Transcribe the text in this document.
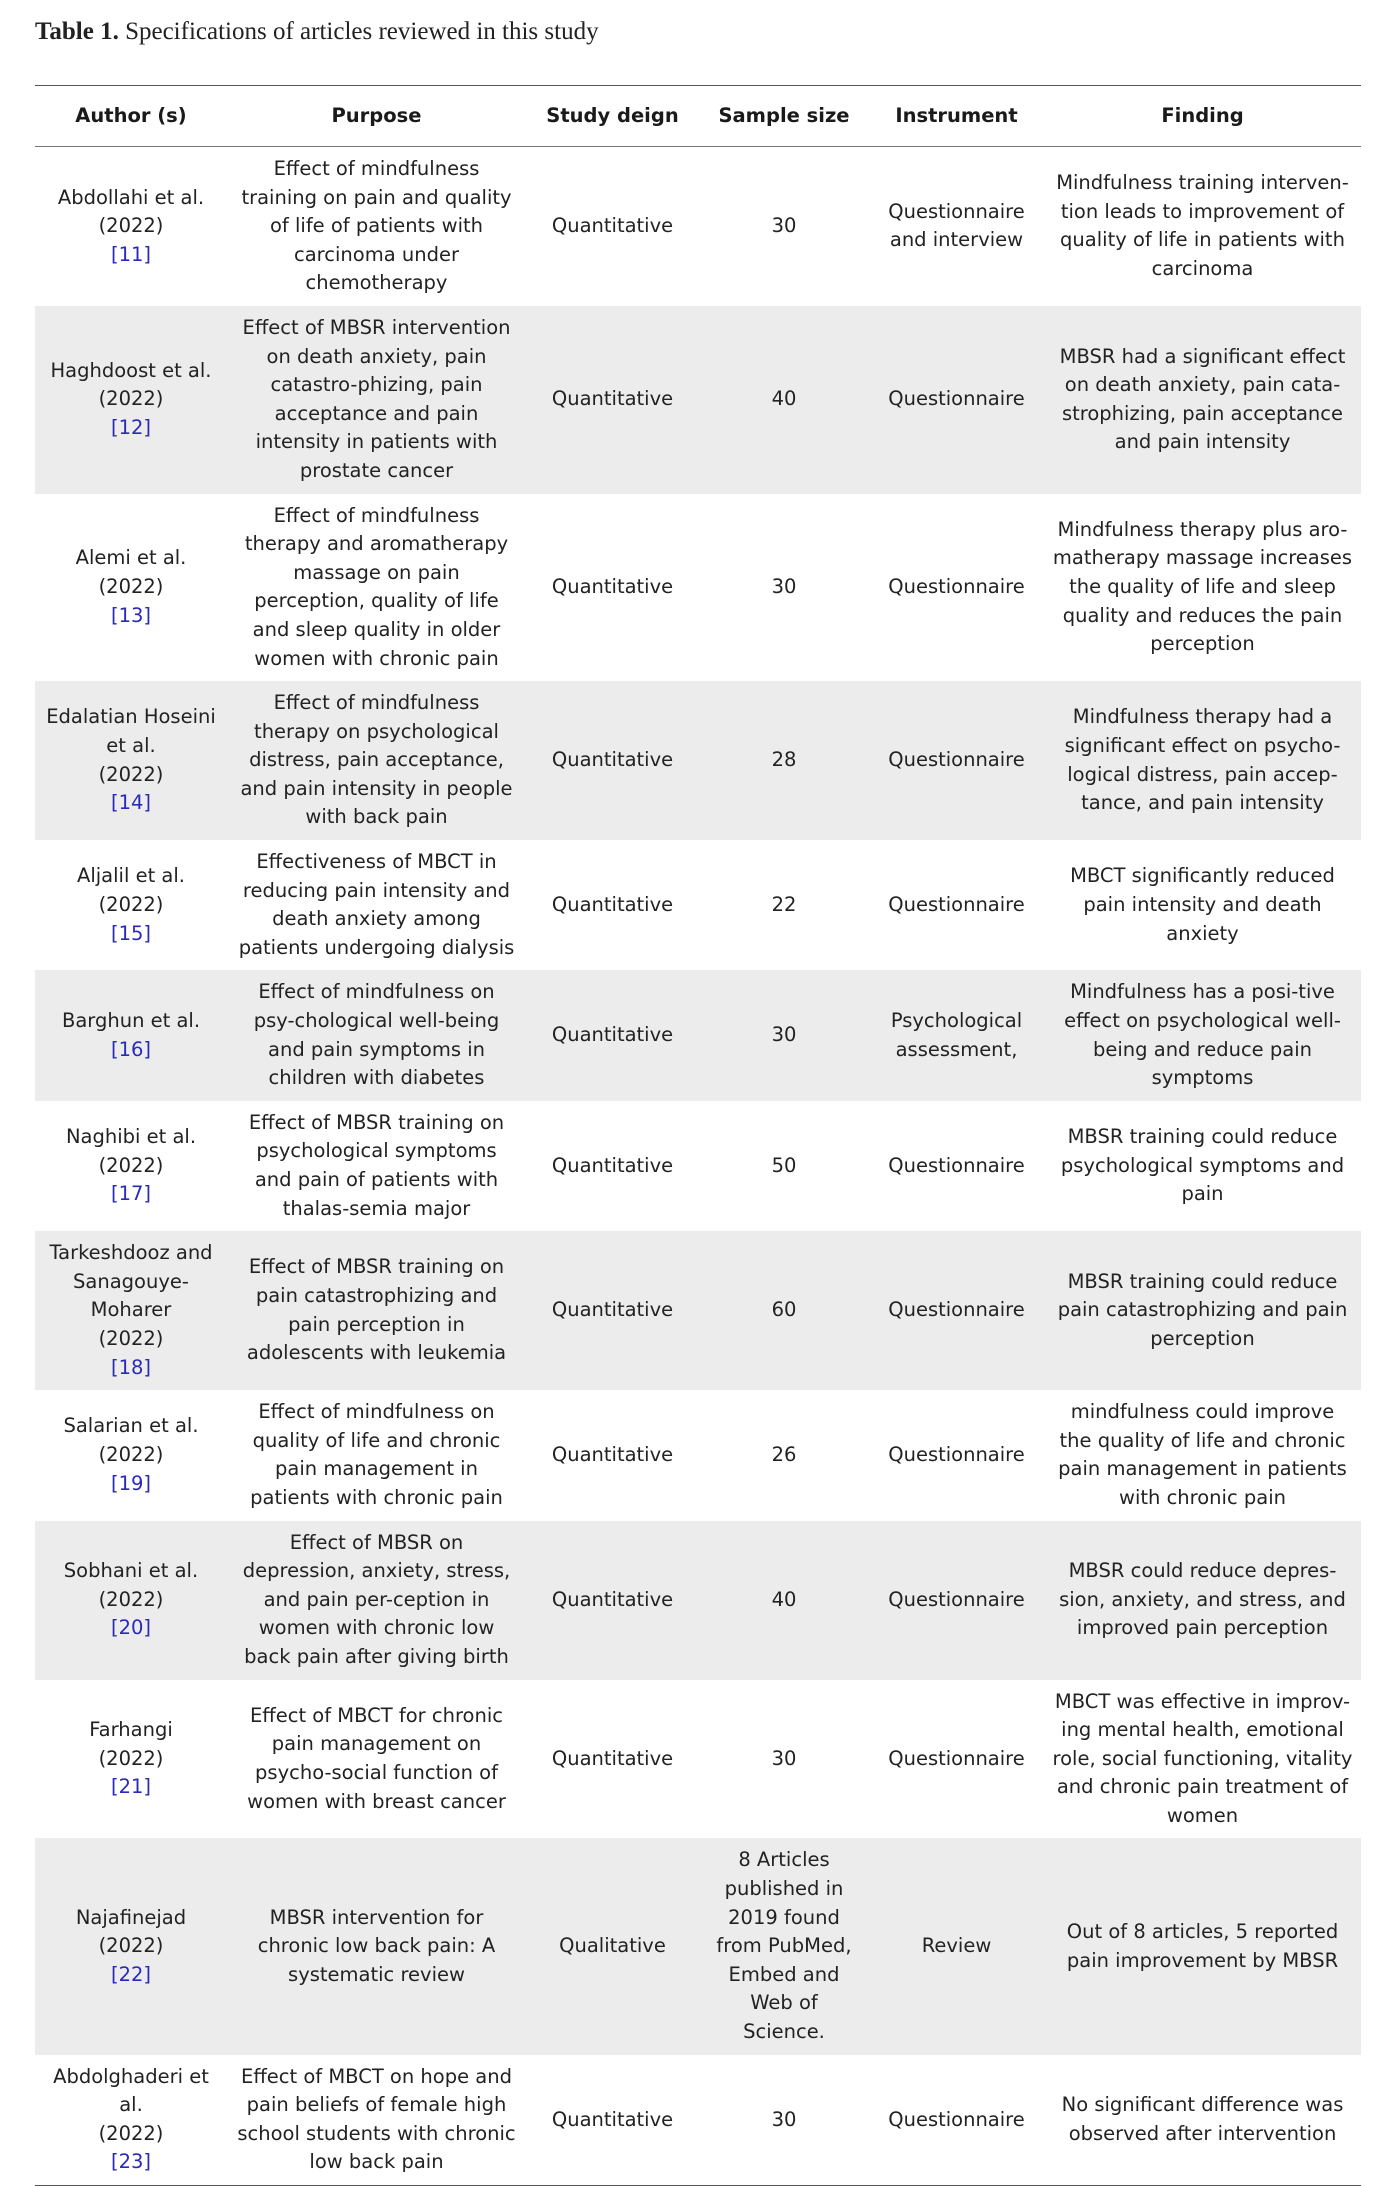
Table 1. Specifications of articles reviewed in this study
Author (s)	Purpose	Study deign	Sample size	Instrument	Finding

Abdollahi et al.
(2022)
[11]	Effect of mindfulness training on pain and quality of life of patients with carcinoma under chemotherapy	Quantitative	30	Questionnaire and interview	Mindfulness training interven-tion leads to improvement of quality of life in patients with carcinoma

Haghdoost et al.
(2022)
[12]	Effect of MBSR intervention on death anxiety, pain catastro-phizing, pain acceptance and pain intensity in patients with prostate cancer	Quantitative	40	Questionnaire	MBSR had a significant effect on death anxiety, pain cata-strophizing, pain acceptance and pain intensity

Alemi et al.
(2022)
[13]	Effect of mindfulness therapy and aromatherapy massage on pain perception, quality of life and sleep quality in older women with chronic pain	Quantitative	30	Questionnaire	Mindfulness therapy plus aro-matherapy massage increases the quality of life and sleep quality and reduces the pain perception

Edalatian Hoseini et al.
(2022)
[14]	Effect of mindfulness therapy on psychological distress, pain acceptance, and pain intensity in people with back pain	Quantitative	28	Questionnaire	Mindfulness therapy had a significant effect on psycho-logical distress, pain accep-tance, and pain intensity

Aljalil et al.
(2022)
[15]	Effectiveness of MBCT in reducing pain intensity and death anxiety among patients undergoing dialysis	Quantitative	22	Questionnaire	MBCT significantly reduced pain intensity and death anxiety

Barghun et al.
[16]	Effect of mindfulness on psy-chological well-being and pain symptoms in children with diabetes	Quantitative	30	Psychological assessment,	Mindfulness has a posi-tive effect on psychological well-being and reduce pain symptoms

Naghibi et al.
(2022)
[17]	Effect of MBSR training on psychological symptoms and pain of patients with thalas-semia major	Quantitative	50	Questionnaire	MBSR training could reduce psychological symptoms and pain

Tarkeshdooz and Sanagouye-Moharer
(2022)
[18]	Effect of MBSR training on pain catastrophizing and pain perception in adolescents with leukemia	Quantitative	60	Questionnaire	MBSR training could reduce pain catastrophizing and pain perception

Salarian et al.
(2022)
[19]	Effect of mindfulness on quality of life and chronic pain management in patients with chronic pain	Quantitative	26	Questionnaire	mindfulness could improve the quality of life and chronic pain management in patients with chronic pain

Sobhani et al.
(2022)
[20]	Effect of MBSR on depression, anxiety, stress, and pain per-ception in women with chronic low back pain after giving birth	Quantitative	40	Questionnaire	MBSR could reduce depres-sion, anxiety, and stress, and improved pain perception

Farhangi
(2022)
[21]	Effect of MBCT for chronic pain management on psycho-social function of women with breast cancer	Quantitative	30	Questionnaire	MBCT was effective in improv-ing mental health, emotional role, social functioning, vitality and chronic pain treatment of women

Najafinejad
(2022)
[22]	MBSR intervention for chronic low back pain: A systematic review	Qualitative	8 Articles published in 2019 found from PubMed, Embed and Web of Science.	Review	Out of 8 articles, 5 reported pain improvement by MBSR

Abdolghaderi et al.
(2022)
[23]	Effect of MBCT on hope and pain beliefs of female high school students with chronic low back pain	Quantitative	30	Questionnaire	No significant difference was observed after intervention
